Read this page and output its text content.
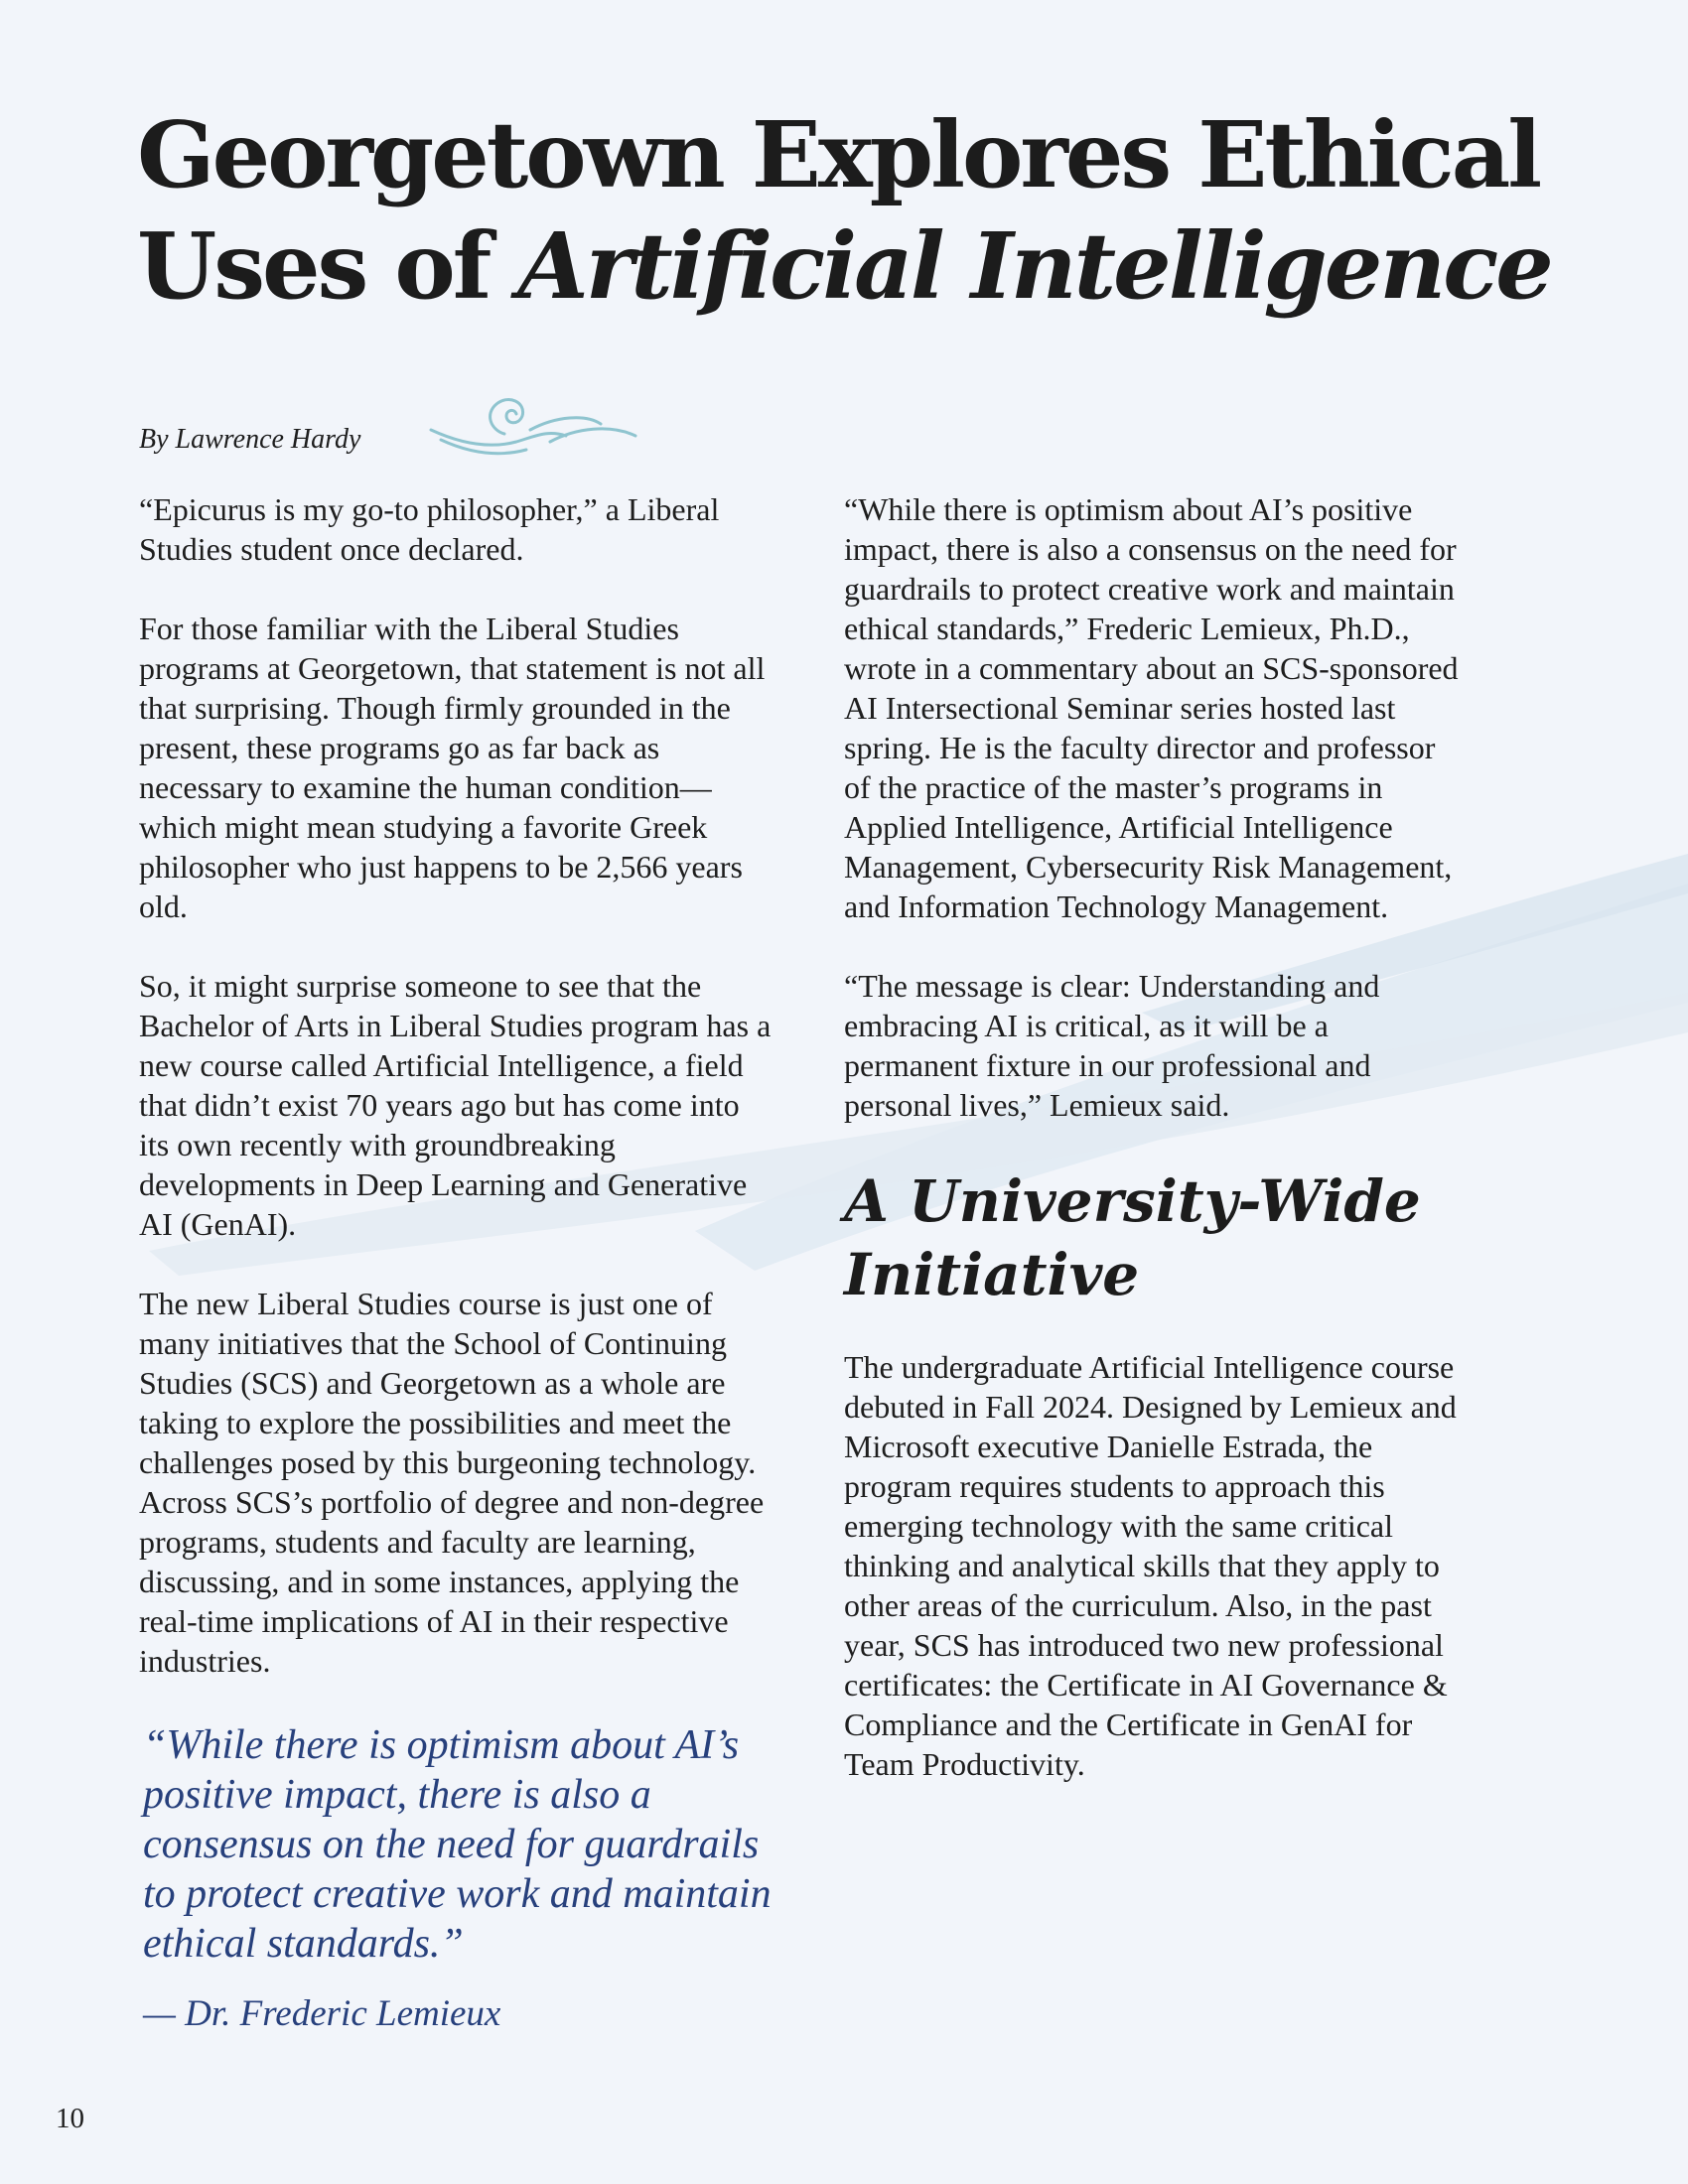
Georgetown Explores Ethical
Uses of Artificial Intelligence
By Lawrence Hardy

“Epicurus is my go-to philosopher,” a Liberal Studies student once declared.

For those familiar with the Liberal Studies programs at Georgetown, that statement is not all that surprising. Though firmly grounded in the present, these programs go as far back as necessary to examine the human condition—which might mean studying a favorite Greek philosopher who just happens to be 2,566 years old.

So, it might surprise someone to see that the Bachelor of Arts in Liberal Studies program has a new course called Artificial Intelligence, a field that didn’t exist 70 years ago but has come into its own recently with groundbreaking developments in Deep Learning and Generative AI (GenAI).

The new Liberal Studies course is just one of many initiatives that the School of Continuing Studies (SCS) and Georgetown as a whole are taking to explore the possibilities and meet the challenges posed by this burgeoning technology. Across SCS’s portfolio of degree and non-degree programs, students and faculty are learning, discussing, and in some instances, applying the real-time implications of AI in their respective industries.

“While there is optimism about AI’s positive impact, there is also a consensus on the need for guardrails to protect creative work and maintain ethical standards.”
— Dr. Frederic Lemieux

“While there is optimism about AI’s positive impact, there is also a consensus on the need for guardrails to protect creative work and maintain ethical standards,” Frederic Lemieux, Ph.D., wrote in a commentary about an SCS-sponsored AI Intersectional Seminar series hosted last spring. He is the faculty director and professor of the practice of the master’s programs in Applied Intelligence, Artificial Intelligence Management, Cybersecurity Risk Management, and Information Technology Management.

“The message is clear: Understanding and embracing AI is critical, as it will be a permanent fixture in our professional and personal lives,” Lemieux said.

A University-Wide Initiative

The undergraduate Artificial Intelligence course debuted in Fall 2024. Designed by Lemieux and Microsoft executive Danielle Estrada, the program requires students to approach this emerging technology with the same critical thinking and analytical skills that they apply to other areas of the curriculum. Also, in the past year, SCS has introduced two new professional certificates: the Certificate in AI Governance & Compliance and the Certificate in GenAI for Team Productivity.

10
